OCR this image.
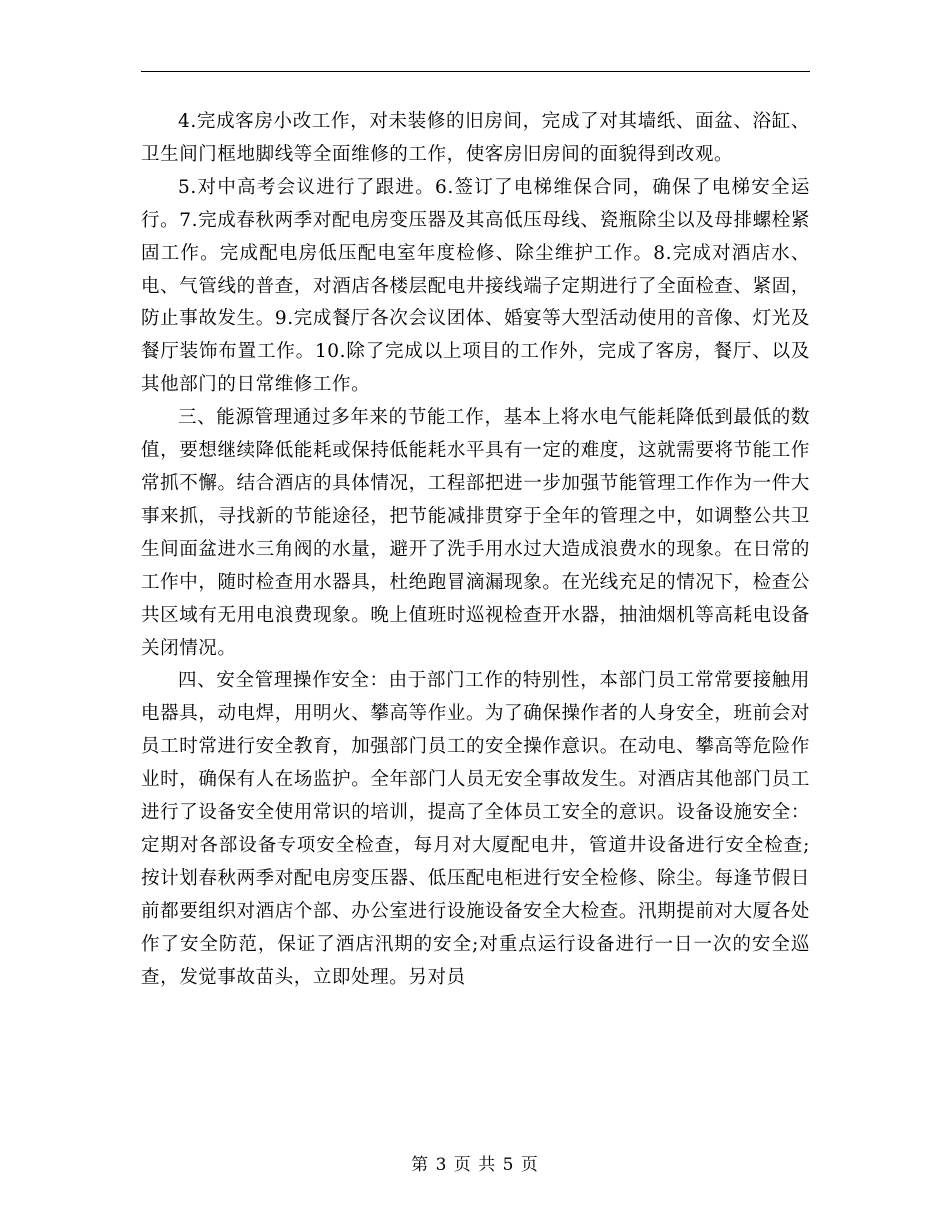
4.完成客房小改工作，对未装修的旧房间，完成了对其墙纸、面盆、浴缸、卫生间门框地脚线等全面维修的工作，使客房旧房间的面貌得到改观。

5.对中高考会议进行了跟进。6.签订了电梯维保合同，确保了电梯安全运行。7.完成春秋两季对配电房变压器及其高低压母线、瓷瓶除尘以及母排螺栓紧固工作。完成配电房低压配电室年度检修、除尘维护工作。8.完成对酒店水、电、气管线的普查，对酒店各楼层配电井接线端子定期进行了全面检查、紧固，防止事故发生。9.完成餐厅各次会议团体、婚宴等大型活动使用的音像、灯光及餐厅装饰布置工作。10.除了完成以上项目的工作外，完成了客房，餐厅、以及其他部门的日常维修工作。

三、能源管理通过多年来的节能工作，基本上将水电气能耗降低到最低的数值，要想继续降低能耗或保持低能耗水平具有一定的难度，这就需要将节能工作常抓不懈。结合酒店的具体情况，工程部把进一步加强节能管理工作作为一件大事来抓，寻找新的节能途径，把节能减排贯穿于全年的管理之中，如调整公共卫生间面盆进水三角阀的水量，避开了洗手用水过大造成浪费水的现象。在日常的工作中，随时检查用水器具，杜绝跑冒滴漏现象。在光线充足的情况下，检查公共区域有无用电浪费现象。晚上值班时巡视检查开水器，抽油烟机等高耗电设备关闭情况。

四、安全管理操作安全：由于部门工作的特别性，本部门员工常常要接触用电器具，动电焊，用明火、攀高等作业。为了确保操作者的人身安全，班前会对员工时常进行安全教育，加强部门员工的安全操作意识。在动电、攀高等危险作业时，确保有人在场监护。全年部门人员无安全事故发生。对酒店其他部门员工进行了设备安全使用常识的培训，提高了全体员工安全的意识。设备设施安全：定期对各部设备专项安全检查，每月对大厦配电井，管道井设备进行安全检查;按计划春秋两季对配电房变压器、低压配电柜进行安全检修、除尘。每逢节假日前都要组织对酒店个部、办公室进行设施设备安全大检查。汛期提前对大厦各处作了安全防范，保证了酒店汛期的安全;对重点运行设备进行一日一次的安全巡查，发觉事故苗头，立即处理。另对员

第 3 页 共 5 页
